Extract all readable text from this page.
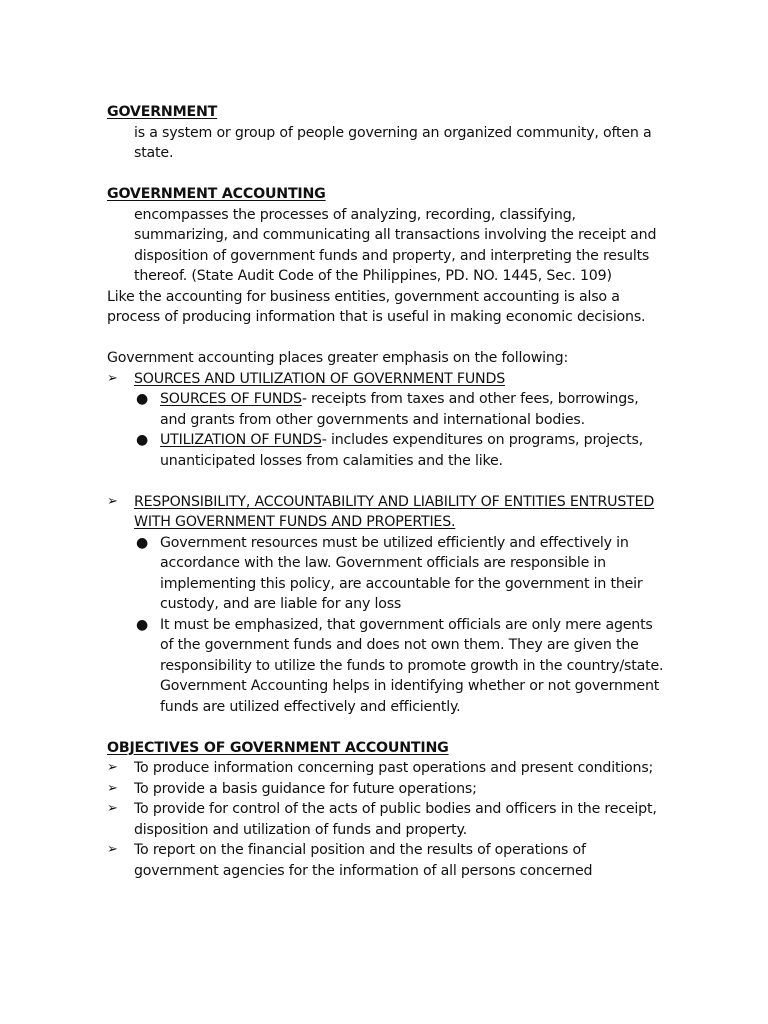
GOVERNMENT
is a system or group of people governing an organized community, often a state.
GOVERNMENT ACCOUNTING
encompasses the processes of analyzing, recording, classifying, summarizing, and communicating all transactions involving the receipt and disposition of government funds and property, and interpreting the results thereof. (State Audit Code of the Philippines, PD. NO. 1445, Sec. 109)
Like the accounting for business entities, government accounting is also a process of producing information that is useful in making economic decisions.
Government accounting places greater emphasis on the following:
➢ SOURCES AND UTILIZATION OF GOVERNMENT FUNDS
● SOURCES OF FUNDS- receipts from taxes and other fees, borrowings, and grants from other governments and international bodies.
● UTILIZATION OF FUNDS- includes expenditures on programs, projects, unanticipated losses from calamities and the like.
➢ RESPONSIBILITY, ACCOUNTABILITY AND LIABILITY OF ENTITIES ENTRUSTED WITH GOVERNMENT FUNDS AND PROPERTIES.
● Government resources must be utilized efficiently and effectively in accordance with the law. Government officials are responsible in implementing this policy, are accountable for the government in their custody, and are liable for any loss
● It must be emphasized, that government officials are only mere agents of the government funds and does not own them. They are given the responsibility to utilize the funds to promote growth in the country/state. Government Accounting helps in identifying whether or not government funds are utilized effectively and efficiently.
OBJECTIVES OF GOVERNMENT ACCOUNTING
➢ To produce information concerning past operations and present conditions;
➢ To provide a basis guidance for future operations;
➢ To provide for control of the acts of public bodies and officers in the receipt, disposition and utilization of funds and property.
➢ To report on the financial position and the results of operations of government agencies for the information of all persons concerned
